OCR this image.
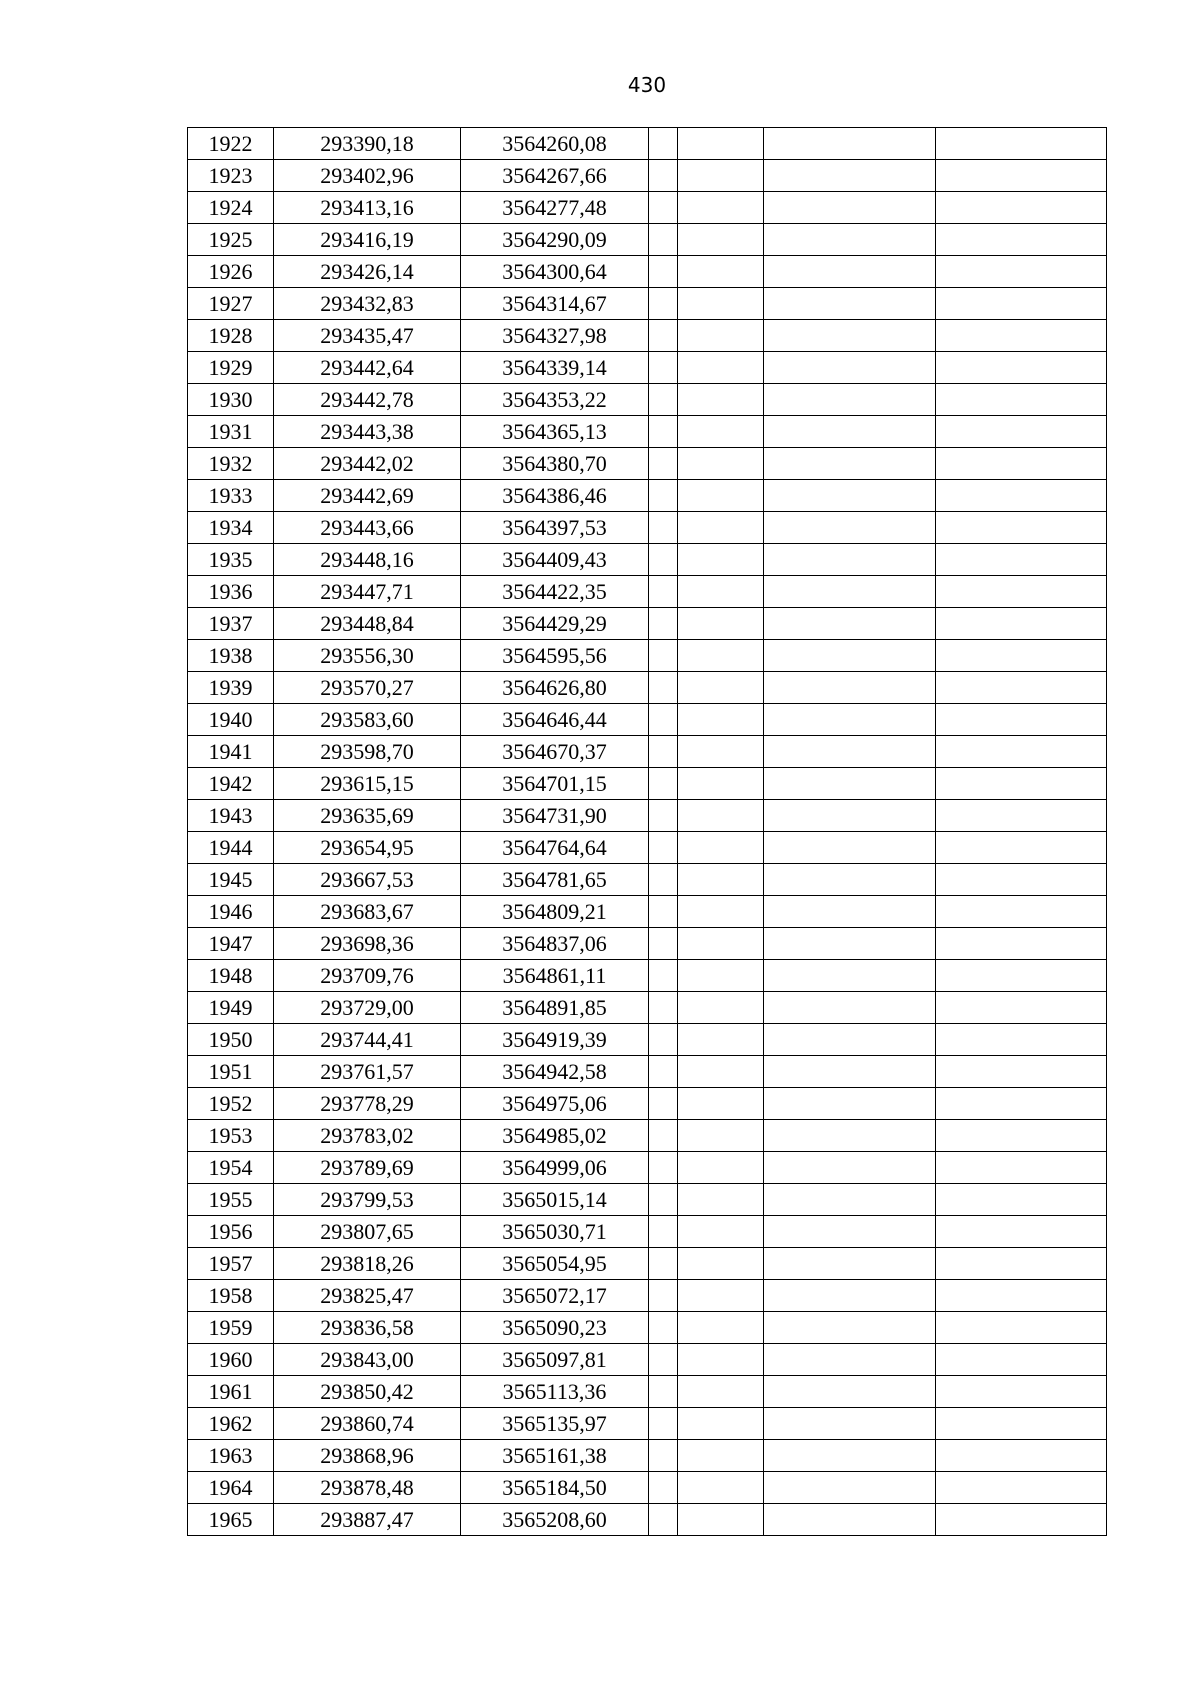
430
1922	293390,18	3564260,08				
1923	293402,96	3564267,66				
1924	293413,16	3564277,48				
1925	293416,19	3564290,09				
1926	293426,14	3564300,64				
1927	293432,83	3564314,67				
1928	293435,47	3564327,98				
1929	293442,64	3564339,14				
1930	293442,78	3564353,22				
1931	293443,38	3564365,13				
1932	293442,02	3564380,70				
1933	293442,69	3564386,46				
1934	293443,66	3564397,53				
1935	293448,16	3564409,43				
1936	293447,71	3564422,35				
1937	293448,84	3564429,29				
1938	293556,30	3564595,56				
1939	293570,27	3564626,80				
1940	293583,60	3564646,44				
1941	293598,70	3564670,37				
1942	293615,15	3564701,15				
1943	293635,69	3564731,90				
1944	293654,95	3564764,64				
1945	293667,53	3564781,65				
1946	293683,67	3564809,21				
1947	293698,36	3564837,06				
1948	293709,76	3564861,11				
1949	293729,00	3564891,85				
1950	293744,41	3564919,39				
1951	293761,57	3564942,58				
1952	293778,29	3564975,06				
1953	293783,02	3564985,02				
1954	293789,69	3564999,06				
1955	293799,53	3565015,14				
1956	293807,65	3565030,71				
1957	293818,26	3565054,95				
1958	293825,47	3565072,17				
1959	293836,58	3565090,23				
1960	293843,00	3565097,81				
1961	293850,42	3565113,36				
1962	293860,74	3565135,97				
1963	293868,96	3565161,38				
1964	293878,48	3565184,50				
1965	293887,47	3565208,60				
